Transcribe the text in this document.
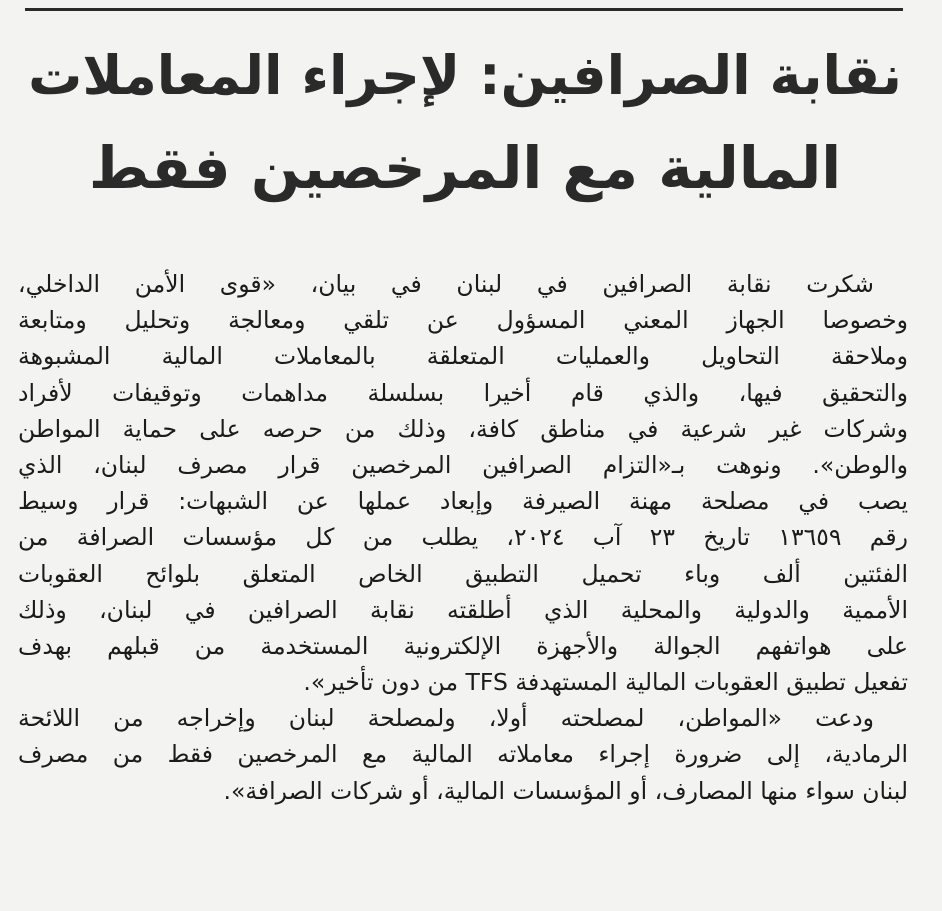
نقابة الصرافين: لإجراء المعاملات
المالية مع المرخصين فقط
شكرت نقابة الصرافين في لبنان في بيان، «قوى الأمن الداخلي،
وخصوصا الجهاز المعني المسؤول عن تلقي ومعالجة وتحليل ومتابعة
وملاحقة التحاويل والعمليات المتعلقة بالمعاملات المالية المشبوهة
والتحقيق فيها، والذي قام أخيرا بسلسلة مداهمات وتوقيفات لأفراد
وشركات غير شرعية في مناطق كافة، وذلك من حرصه على حماية المواطن
والوطن». ونوهت بـ«التزام الصرافين المرخصين قرار مصرف لبنان، الذي
يصب في مصلحة مهنة الصيرفة وإبعاد عملها عن الشبهات: قرار وسيط
رقم ١٣٦٥٩ تاريخ ٢٣ آب ٢٠٢٤، يطلب من كل مؤسسات الصرافة من
الفئتين ألف وباء تحميل التطبيق الخاص المتعلق بلوائح العقوبات
الأممية والدولية والمحلية الذي أطلقته نقابة الصرافين في لبنان، وذلك
على هواتفهم الجوالة والأجهزة الإلكترونية المستخدمة من قبلهم بهدف
تفعيل تطبيق العقوبات المالية المستهدفة TFS من دون تأخير».
ودعت «المواطن، لمصلحته أولا، ولمصلحة لبنان وإخراجه من اللائحة
الرمادية، إلى ضرورة إجراء معاملاته المالية مع المرخصين فقط من مصرف
لبنان سواء منها المصارف، أو المؤسسات المالية، أو شركات الصرافة».
